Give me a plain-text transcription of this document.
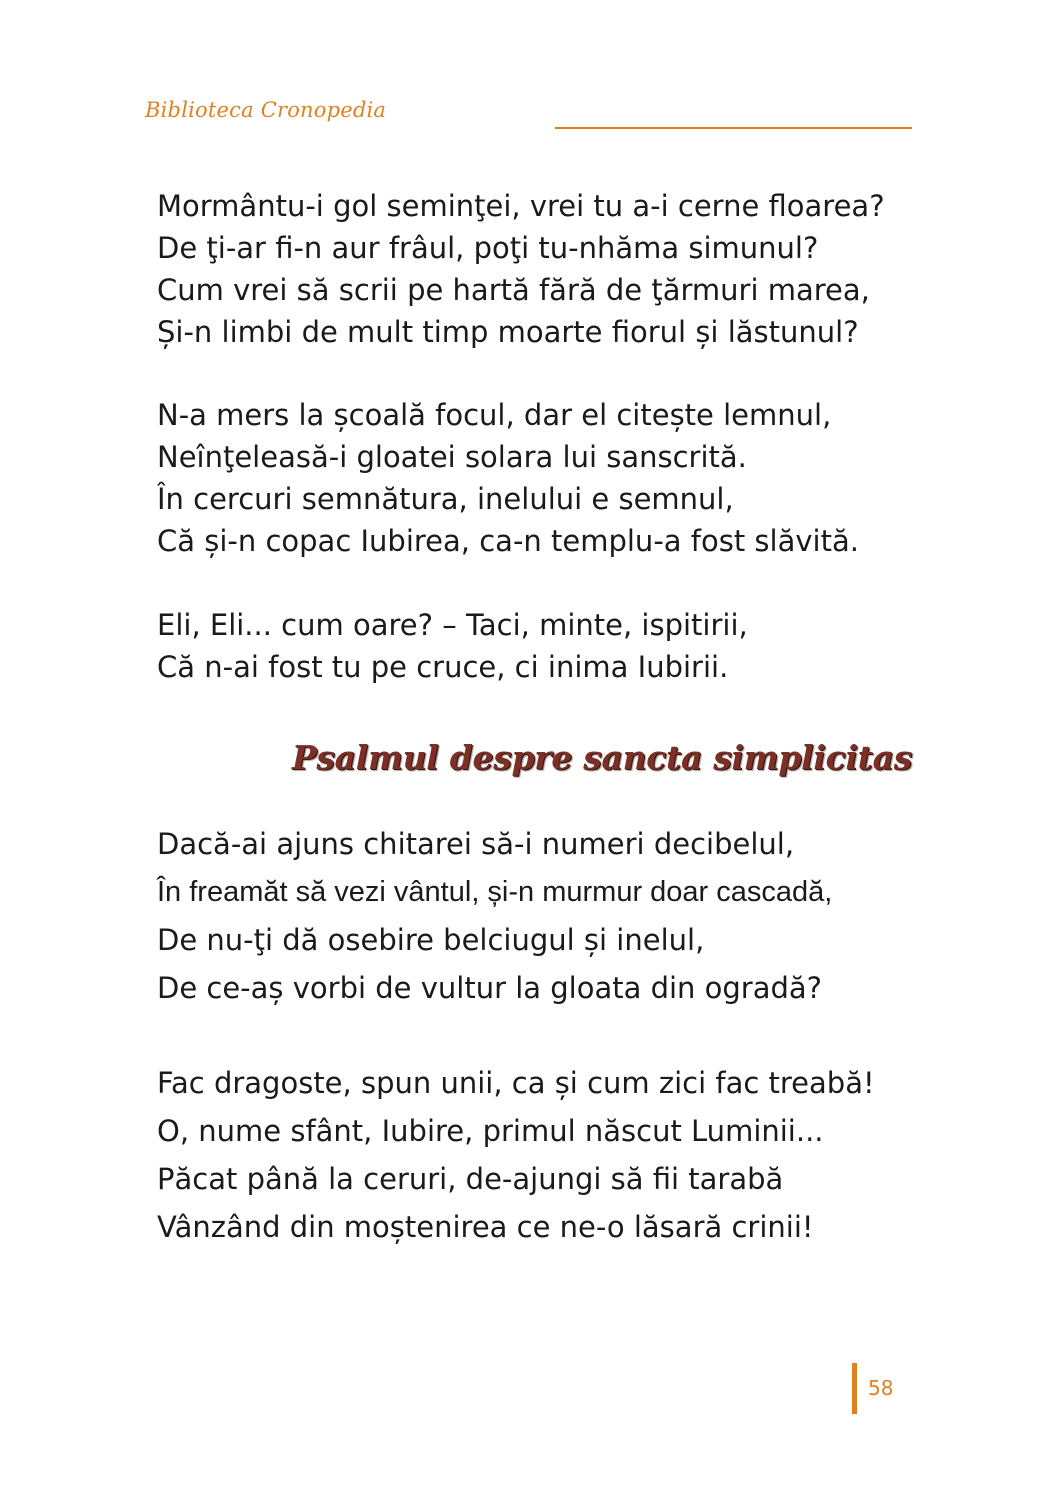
Biblioteca Cronopedia
Mormântu-i gol seminţei, vrei tu a-i cerne floarea?
De ţi-ar fi-n aur frâul, poţi tu-nhăma simunul?
Cum vrei să scrii pe hartă fără de ţărmuri marea,
Și-n limbi de mult timp moarte fiorul și lăstunul?
N-a mers la școală focul, dar el citește lemnul,
Neînţeleasă-i gloatei solara lui sanscrită.
În cercuri semnătura, inelului e semnul,
Că și-n copac Iubirea, ca-n templu-a fost slăvită.
Eli, Eli... cum oare? – Taci, minte, ispitirii,
Că n-ai fost tu pe cruce, ci inima Iubirii.
Psalmul despre sancta simplicitas
Dacă-ai ajuns chitarei să-i numeri decibelul,
În freamăt să vezi vântul, și-n murmur doar cascadă,
De nu-ţi dă osebire belciugul și inelul,
De ce-aș vorbi de vultur la gloata din ogradă?
Fac dragoste, spun unii, ca și cum zici fac treabă!
O, nume sfânt, Iubire, primul născut Luminii...
Păcat până la ceruri, de-ajungi să fii tarabă
Vânzând din moștenirea ce ne-o lăsară crinii!
58
